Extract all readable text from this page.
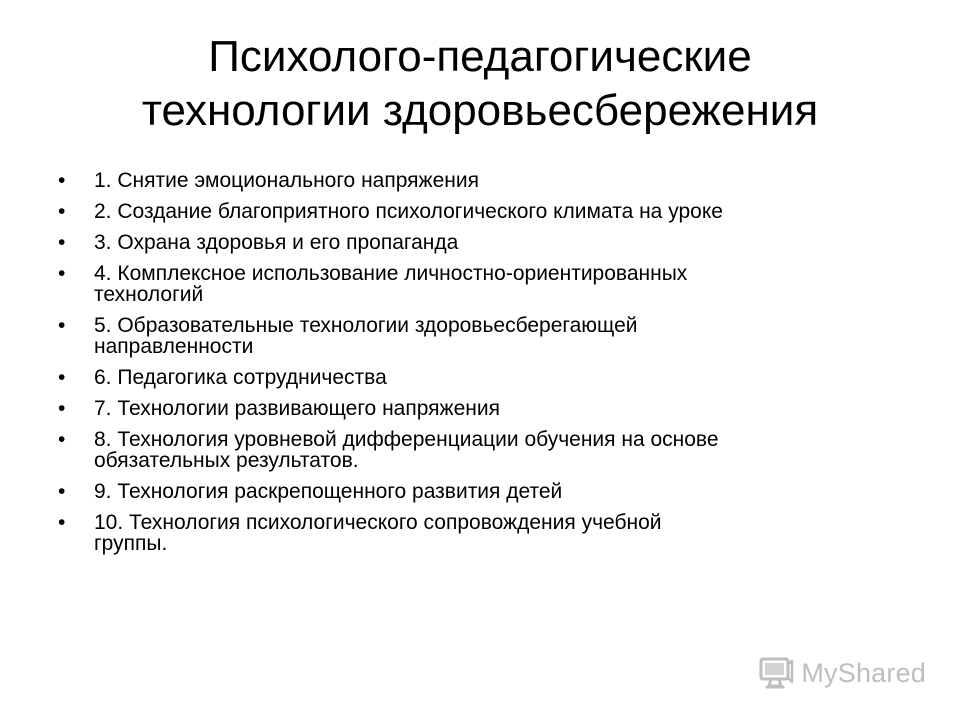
Психолого-педагогические
технологии здоровьесбережения
•	1. Снятие эмоционального напряжения
•	2. Создание благоприятного психологического климата на уроке
•	3. Охрана здоровья и его пропаганда
•	4. Комплексное использование личностно-ориентированных
технологий
•	5. Образовательные технологии здоровьесберегающей
направленности
•	6. Педагогика сотрудничества
•	7. Технологии развивающего напряжения
•	8. Технология уровневой дифференциации обучения на основе
обязательных результатов.
•	9. Технология раскрепощенного развития детей
•	10. Технология психологического сопровождения учебной
группы.
MyShared
